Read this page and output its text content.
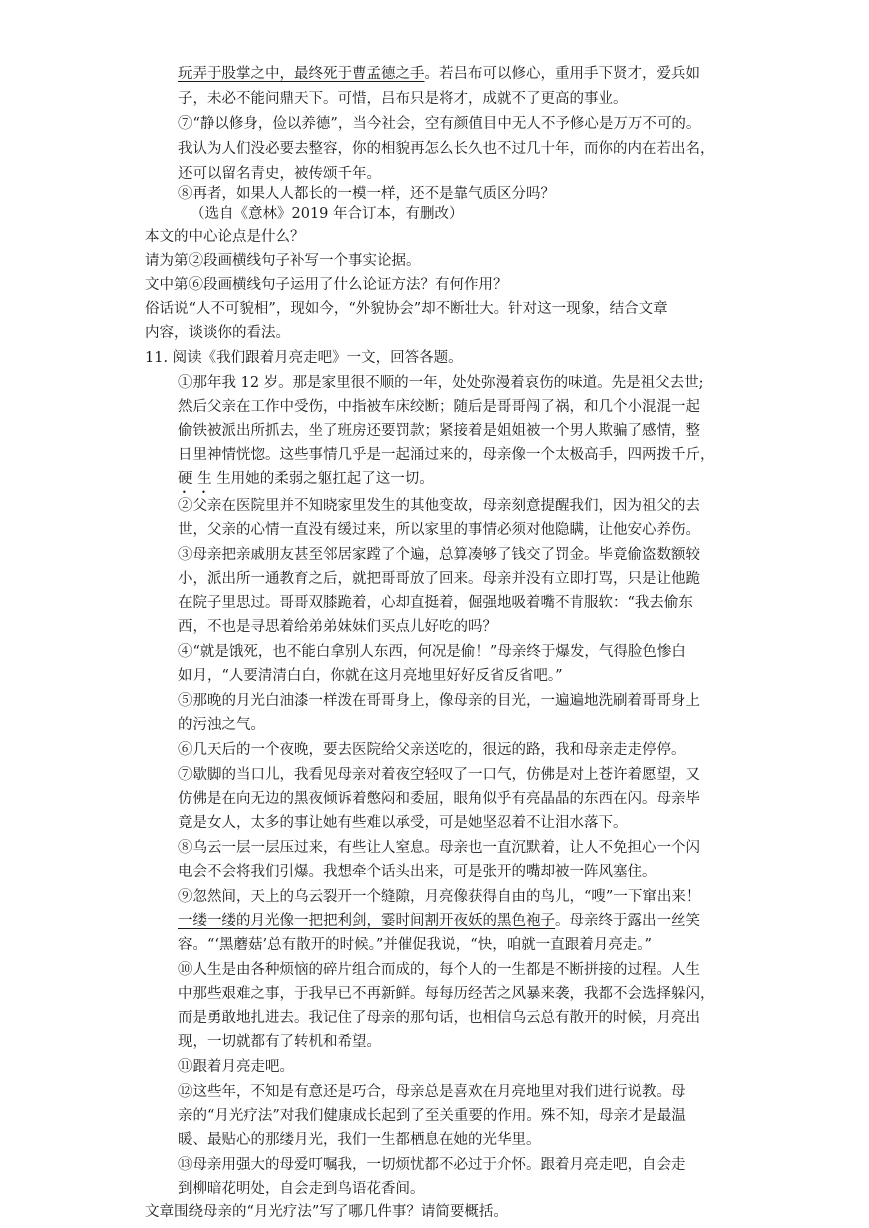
玩弄于股掌之中，最终死于曹孟德之手。若吕布可以修心，重用手下贤才，爱兵如
子，未必不能问鼎天下。可惜，吕布只是将才，成就不了更高的事业。
⑦“静以修身，俭以养德”，当今社会，空有颜值目中无人不予修心是万万不可的。
我认为人们没必要去整容，你的相貌再怎么长久也不过几十年，而你的内在若出名，
还可以留名青史，被传颂千年。
⑧再者，如果人人都长的一模一样，还不是靠气质区分吗？
（选自《意林》2019 年合订本，有删改）
本文的中心论点是什么？
请为第②段画横线句子补写一个事实论据。
文中第⑥段画横线句子运用了什么论证方法？有何作用？
俗话说“人不可貌相”，现如今，“外貌协会”却不断壮大。针对这一现象，结合文章
内容，谈谈你的看法。
11. 阅读《我们跟着月亮走吧》一文，回答各题。
①那年我 12 岁。那是家里很不顺的一年，处处弥漫着哀伤的味道。先是祖父去世;
然后父亲在工作中受伤，中指被车床绞断；随后是哥哥闯了祸，和几个小混混一起
偷铁被派出所抓去，坐了班房还要罚款；紧接着是姐姐被一个男人欺骗了感情，整
日里神情恍惚。这些事情几乎是一起涌过来的，母亲像一个太极高手，四两拨千斤，
硬 生 生用她的柔弱之躯扛起了这一切。
②父亲在医院里并不知晓家里发生的其他变故，母亲刻意提醒我们，因为祖父的去
世，父亲的心情一直没有缓过来，所以家里的事情必须对他隐瞒，让他安心养伤。
③母亲把亲戚朋友甚至邻居家蹚了个遍，总算凑够了钱交了罚金。毕竟偷盗数额较
小，派出所一通教育之后，就把哥哥放了回来。母亲并没有立即打骂，只是让他跪
在院子里思过。哥哥双膝跪着，心却直挺着，倔强地吸着嘴不肯服软：“我去偷东
西，不也是寻思着给弟弟妹妹们买点儿好吃的吗？
④“就是饿死，也不能白拿别人东西，何况是偷！”母亲终于爆发，气得脸色惨白
如月，“人要清清白白，你就在这月亮地里好好反省反省吧。”
⑤那晚的月光白油漆一样泼在哥哥身上，像母亲的目光，一遍遍地洗刷着哥哥身上
的污浊之气。
⑥几天后的一个夜晚，要去医院给父亲送吃的，很远的路，我和母亲走走停停。
⑦歇脚的当口儿，我看见母亲对着夜空轻叹了一口气，仿佛是对上苍许着愿望，又
仿佛是在向无边的黑夜倾诉着憋闷和委屈，眼角似乎有亮晶晶的东西在闪。母亲毕
竟是女人，太多的事让她有些难以承受，可是她坚忍着不让泪水落下。
⑧乌云一层一层压过来，有些让人窒息。母亲也一直沉默着，让人不免担心一个闪
电会不会将我们引爆。我想牵个话头出来，可是张开的嘴却被一阵风塞住。
⑨忽然间，天上的乌云裂开一个缝隙，月亮像获得自由的鸟儿，“嗖”一下窜出来！
一缕一缕的月光像一把把利剑，霎时间割开夜妖的黑色袍子。母亲终于露出一丝笑
容。“‘黑蘑菇’总有散开的时候。”并催促我说，“快，咱就一直跟着月亮走。”
⑩人生是由各种烦恼的碎片组合而成的，每个人的一生都是不断拼接的过程。人生
中那些艰难之事，于我早已不再新鲜。每每历经苦之风暴来袭，我都不会选择躲闪，
而是勇敢地扎进去。我记住了母亲的那句话，也相信乌云总有散开的时候，月亮出
现，一切就都有了转机和希望。
⑪跟着月亮走吧。
⑫这些年，不知是有意还是巧合，母亲总是喜欢在月亮地里对我们进行说教。母
亲的“月光疗法”对我们健康成长起到了至关重要的作用。殊不知，母亲才是最温
暖、最贴心的那缕月光，我们一生都栖息在她的光华里。
⑬母亲用强大的母爱叮嘱我，一切烦忧都不必过于介怀。跟着月亮走吧，自会走
到柳暗花明处，自会走到鸟语花香间。
文章围绕母亲的“月光疗法”写了哪几件事？请简要概括。
